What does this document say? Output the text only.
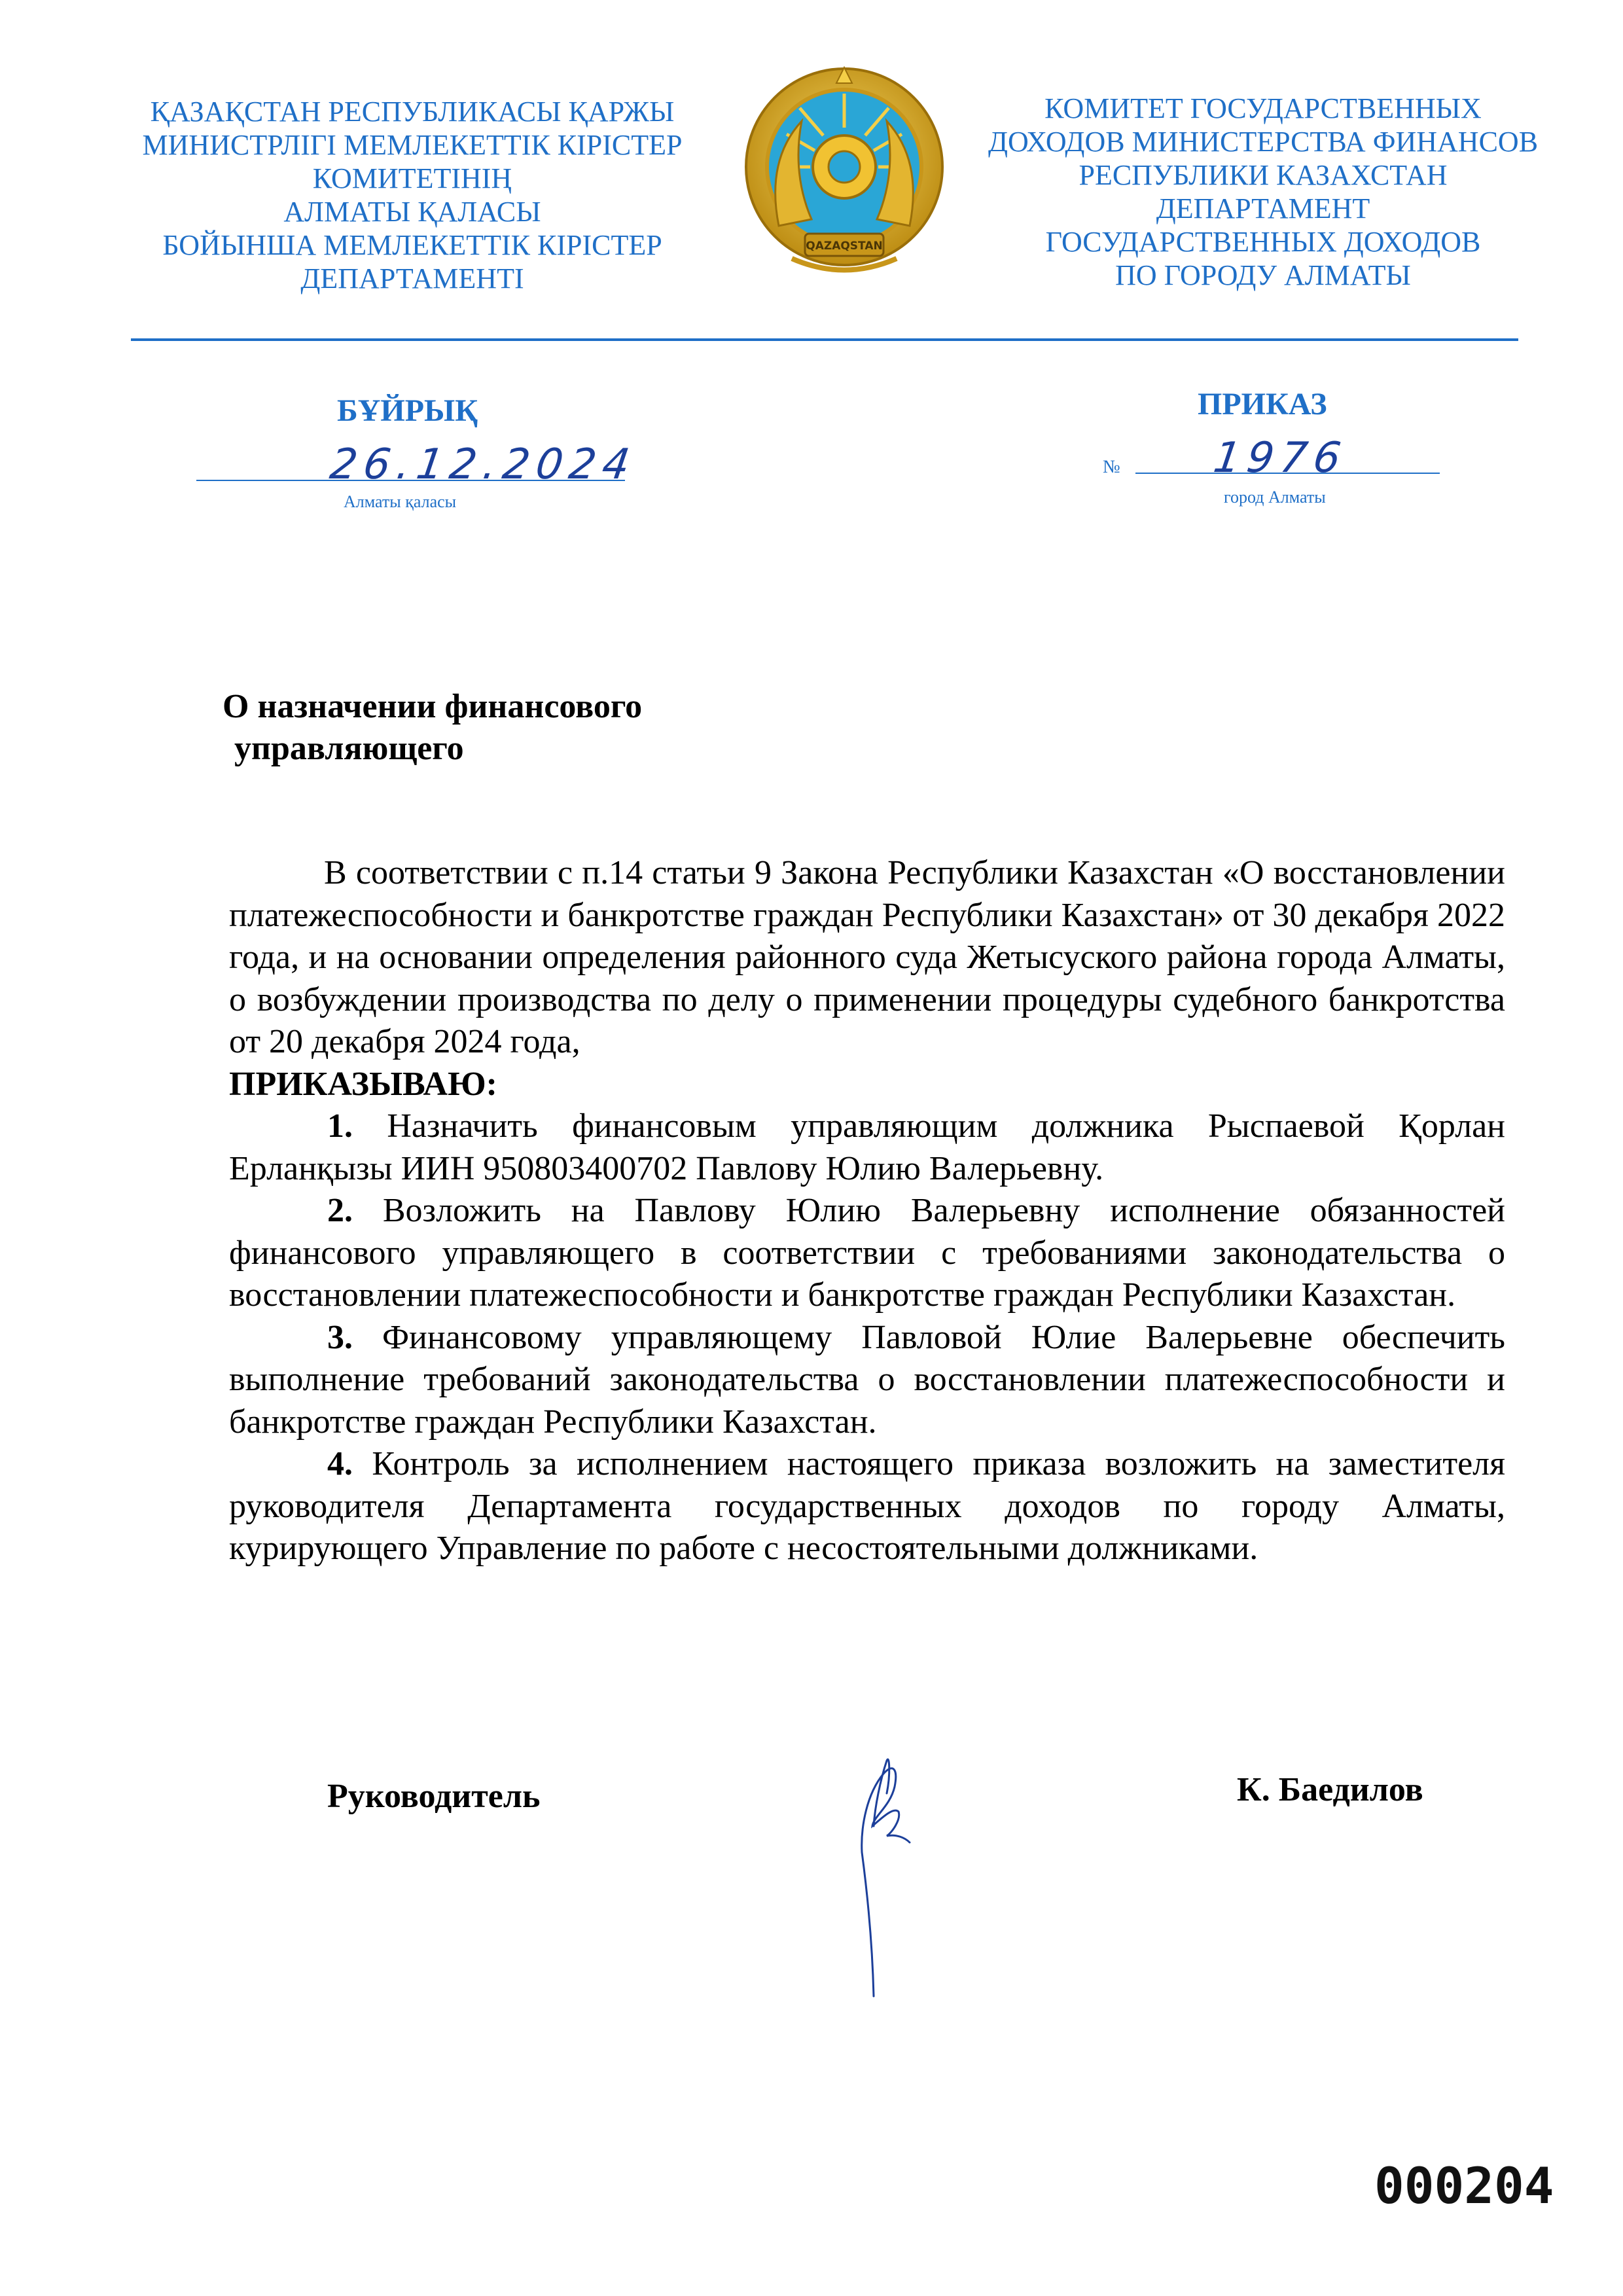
ҚАЗАҚСТАН РЕСПУБЛИКАСЫ ҚАРЖЫ
МИНИСТРЛІГІ МЕМЛЕКЕТТІК КІРІСТЕР
КОМИТЕТІНІҢ
АЛМАТЫ ҚАЛАСЫ
БОЙЫНША МЕМЛЕКЕТТІК КІРІСТЕР
ДЕПАРТАМЕНТІ
QAZAQSTAN
КОМИТЕТ ГОСУДАРСТВЕННЫХ
ДОХОДОВ МИНИСТЕРСТВА ФИНАНСОВ
РЕСПУБЛИКИ КАЗАХСТАН
ДЕПАРТАМЕНТ
ГОСУДАРСТВЕННЫХ ДОХОДОВ
ПО ГОРОДУ АЛМАТЫ
БҰЙРЫҚ	ПРИКАЗ
26.12.2024
Алматы қаласы
№ 1976
город Алматы
О назначении финансового
управляющего

В соответствии с п.14 статьи 9 Закона Республики Казахстан «О восстановлении платежеспособности и банкротстве граждан Республики Казахстан» от 30 декабря 2022 года, и на основании определения районного суда Жетысуского района города Алматы, о возбуждении производства по делу о применении процедуры судебного банкротства от 20 декабря 2024 года,

ПРИКАЗЫВАЮ:

1. Назначить финансовым управляющим должника Рыспаевой Қорлан Ерланқызы ИИН 950803400702 Павлову Юлию Валерьевну.

2. Возложить на Павлову Юлию Валерьевну исполнение обязанностей финансового управляющего в соответствии с требованиями законодательства о восстановлении платежеспособности и банкротстве граждан Республики Казахстан.

3. Финансовому управляющему Павловой Юлие Валерьевне обеспечить выполнение требований законодательства о восстановлении платежеспособности и банкротстве граждан Республики Казахстан.

4. Контроль за исполнением настоящего приказа возложить на заместителя руководителя Департамента государственных доходов по городу Алматы, курирующего Управление по работе с несостоятельными должниками.

Руководитель	К. Баедилов
000204
